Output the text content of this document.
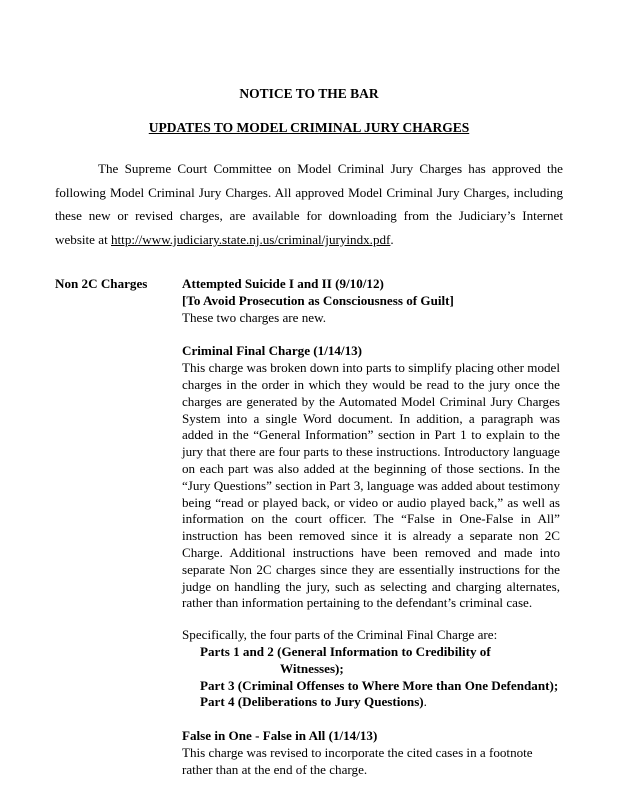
NOTICE TO THE BAR
UPDATES TO MODEL CRIMINAL JURY CHARGES
The Supreme Court Committee on Model Criminal Jury Charges has approved the following Model Criminal Jury Charges. All approved Model Criminal Jury Charges, including these new or revised charges, are available for downloading from the Judiciary’s Internet website at http://www.judiciary.state.nj.us/criminal/juryindx.pdf.
Non 2C Charges	Attempted Suicide I and II (9/10/12)

[To Avoid Prosecution as Consciousness of Guilt]

These two charges are new.

Criminal Final Charge (1/14/13)

This charge was broken down into parts to simplify placing other model charges in the order in which they would be read to the jury once the charges are generated by the Automated Model Criminal Jury Charges System into a single Word document. In addition, a paragraph was added in the “General Information” section in Part 1 to explain to the jury that there are four parts to these instructions. Introductory language on each part was also added at the beginning of those sections. In the “Jury Questions” section in Part 3, language was added about testimony being “read or played back, or video or audio played back,” as well as information on the court officer. The “False in One-False in All” instruction has been removed since it is already a separate non 2C Charge. Additional instructions have been removed and made into separate Non 2C charges since they are essentially instructions for the judge on handling the jury, such as selecting and charging alternates, rather than information pertaining to the defendant’s criminal case.

Specifically, the four parts of the Criminal Final Charge are:

Parts 1 and 2 (General Information to Credibility of

Witnesses);

Part 3 (Criminal Offenses to Where More than One Defendant);

Part 4 (Deliberations to Jury Questions).

False in One - False in All (1/14/13)

This charge was revised to incorporate the cited cases in a footnote rather than at the end of the charge.
